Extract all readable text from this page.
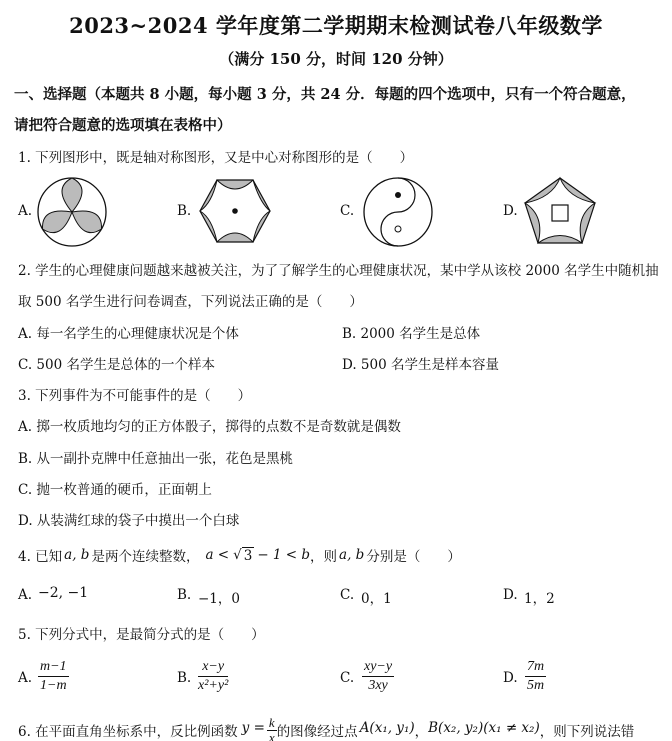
2023~2024 学年度第二学期期末检测试卷八年级数学
（满分 150 分，时间 120 分钟）
一、选择题（本题共 8 小题，每小题 3 分，共 24 分．每题的四个选项中，只有一个符合题意，
请把符合题意的选项填在表格中）
1. 下列图形中，既是轴对称图形，又是中心对称图形的是（　　）
A.	B.	C.	D.
2. 学生的心理健康问题越来越被关注，为了了解学生的心理健康状况，某中学从该校 2000 名学生中随机抽
取 500 名学生进行问卷调查，下列说法正确的是（　　）
A. 每一名学生的心理健康状况是个体	B. 2000 名学生是总体
C. 500 名学生是总体的一个样本	D. 500 名学生是样本容量
3. 下列事件为不可能事件的是（　　）
A. 掷一枚质地均匀的正方体骰子，掷得的点数不是奇数就是偶数
B. 从一副扑克牌中任意抽出一张，花色是黑桃
C. 抛一枚普通的硬币，正面朝上
D. 从装满红球的袋子中摸出一个白球
4. 已知 a, b 是两个连续整数， a < √ 3 − 1 < b ，则 a, b 分别是（　　）
A. −2, −1	B. −1，0	C. 0，1	D. 1，2
5. 下列分式中，是最简分式的是（　　）
A. $\frac{m-1}{1-m}$	B. $\frac{x-y}{\text{x²+y²}}$	C. $\frac{xy-y}{3xy}$	D. $\frac{7m}{5m}$
6. 在平面直角坐标系中，反比例函数 $y = \frac{k}{x}$ 的图像经过点 A(x₁, y₁) ， B(x₂, y₂) (x₁ ≠ x₂) ，则下列说法错
